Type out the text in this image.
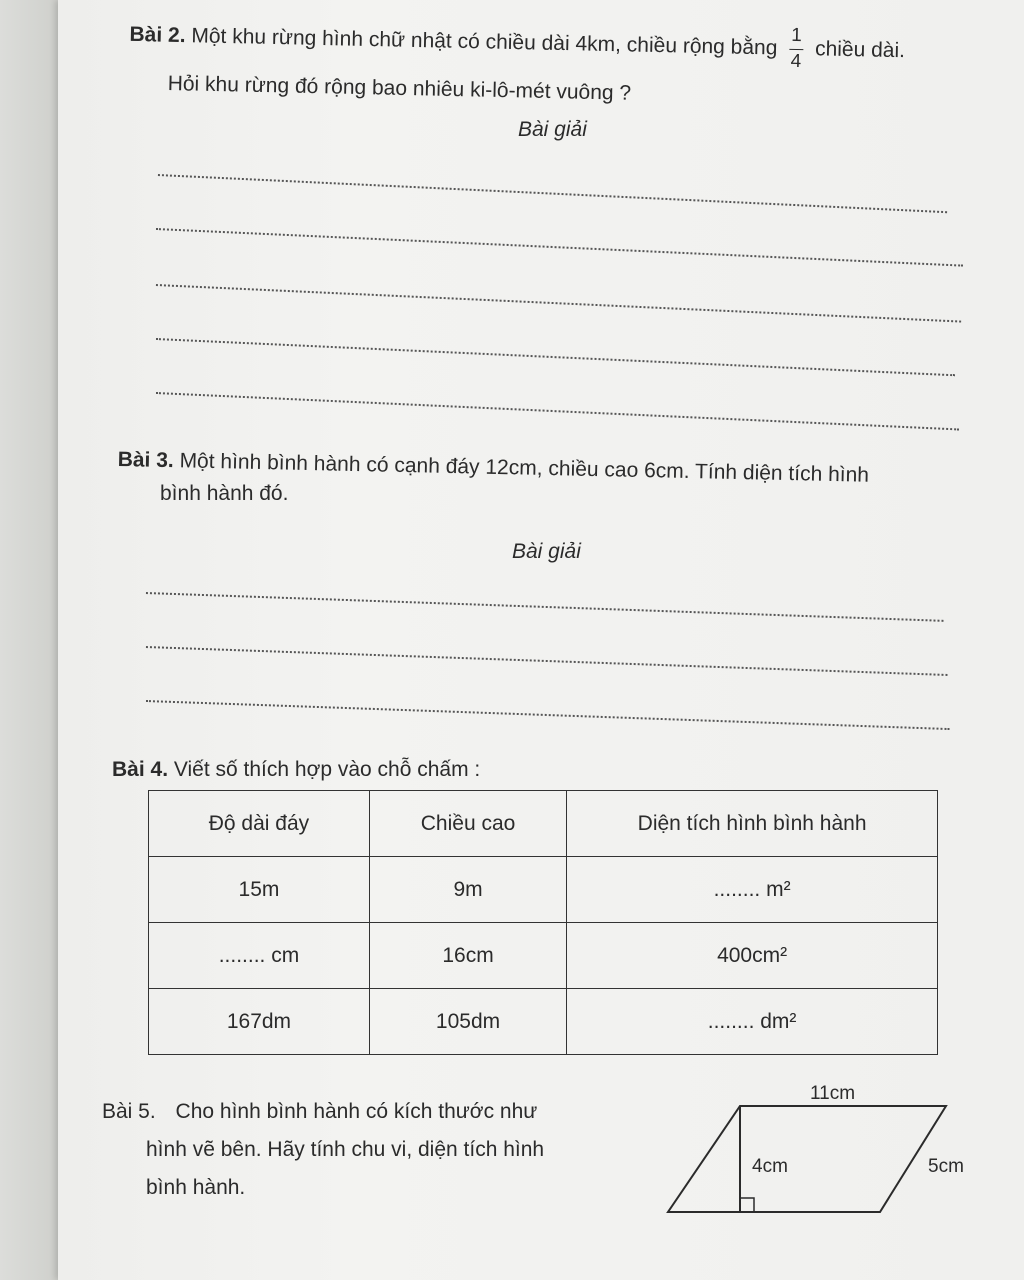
Bài 2. Một khu rừng hình chữ nhật có chiều dài 4km, chiều rộng bằng $\frac{1}{4}$ chiều dài.
Hỏi khu rừng đó rộng bao nhiêu ki-lô-mét vuông ?
Bài giải
Bài 3. Một hình bình hành có cạnh đáy 12cm, chiều cao 6cm. Tính diện tích hình
bình hành đó.
Bài giải
Bài 4. Viết số thích hợp vào chỗ chấm :
Độ dài đáy	Chiều cao	Diện tích hình bình hành
15m	9m	........ m²
........ cm	16cm	400cm²
167dm	105dm	........ dm²
Bài 5. Cho hình bình hành có kích thước như
hình vẽ bên. Hãy tính chu vi, diện tích hình
bình hành.
11cm
4cm	5cm
